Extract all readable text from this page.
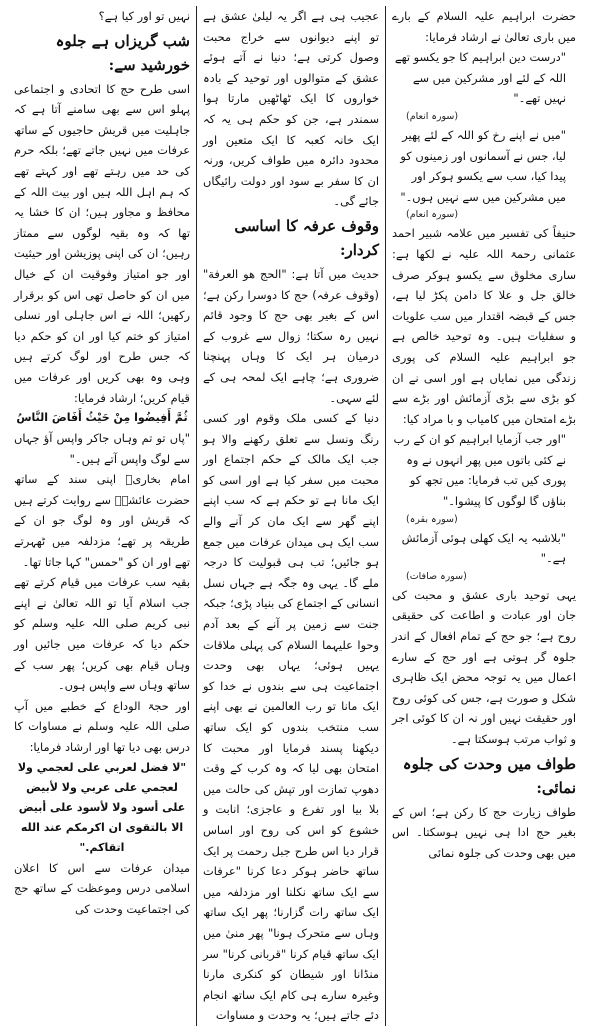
حضرت ابراہیم علیہ السلام کے بارے میں باری تعالیٰ نے ارشاد فرمایا:

"درست دین ابراہیم کا جو یکسو تھے اللہ کے لئے اور مشرکین میں سے نہیں تھے۔"

(سورہ انعام)

"میں نے اپنے رخ کو اللہ کے لئے پھیر لیا، جس نے آسمانوں اور زمینوں کو پیدا کیا، سب سے یکسو ہوکر اور میں مشرکین میں سے نہیں ہوں۔"

(سورہ انعام)

حنیفاً کی تفسیر میں علامہ شبیر احمد عثمانی رحمۃ اللہ علیہ نے لکھا ہے: ساری مخلوق سے یکسو ہوکر صرف خالق جل و علا کا دامن پکڑ لیا ہے، جس کے قبضہ اقتدار میں سب علویات و سفلیات ہیں۔ وہ توحید خالص ہے جو ابراہیم علیہ السلام کی پوری زندگی میں نمایاں ہے اور اسی نے ان کو بڑی سے بڑی آزمائش اور بڑے سے بڑے امتحان میں کامیاب و با مراد کیا:

"اور جب آزمایا ابراہیم کو ان کے رب نے کئی باتوں میں پھر انہوں نے وہ پوری کیں تب فرمایا: میں تجھ کو بناؤں گا لوگوں کا پیشوا۔"

(سورہ بقرہ)

"بلاشبہ یہ ایک کھلی ہوئی آزمائش ہے۔"

(سورہ صافات)

یہی توحید باری عشق و محبت کی جان اور عبادت و اطاعت کی حقیقی روح ہے؛ جو حج کے تمام افعال کے اندر جلوہ گر ہوتی ہے اور حج کے سارے اعمال میں یہ توجہ محض ایک ظاہری شکل و صورت ہے، جس کی کوئی روح اور حقیقت نہیں اور نہ ان کا کوئی اجر و ثواب مرتب ہوسکتا ہے۔

طواف میں وحدت کی جلوہ نمائی:

طواف زیارت حج کا رکن ہے؛ اس کے بغیر حج ادا ہی نہیں ہوسکتا۔ اس میں بھی وحدت کی جلوہ نمائی

عجیب ہی ہے اگر یہ لیلیٰ عشق ہے تو اپنے دیوانوں سے خراج محبت وصول کرتی ہے؛ دنیا نے آتے ہوئے عشق کے متوالوں اور توحید کے بادہ خواروں کا ایک ٹھاٹھیں مارتا ہوا سمندر ہے، جن کو حکم ہی یہ کہ ایک خانہ کعبہ کا ایک متعین اور محدود دائرہ میں طواف کریں، ورنہ ان کا سفر بے سود اور دولت رائیگاں جائے گی۔

وقوف عرفہ کا اساسی کردار:

حدیث میں آتا ہے: "الحج هو العرفة" (وقوف عرفہ) حج کا دوسرا رکن ہے؛ اس کے بغیر بھی حج کا وجود قائم نہیں رہ سکتا؛ زوال سے غروب کے درمیان ہر ایک کا وہاں پہنچنا ضروری ہے؛ چاہے ایک لمحہ ہی کے لئے سہی۔

دنیا کے کسی ملک وقوم اور کسی رنگ ونسل سے تعلق رکھنے والا ہو جب ایک مالک کے حکم اجتماع اور محبت میں سفر کیا ہے اور اسی کو ایک مانا ہے تو حکم ہے کہ سب اپنے اپنے گھر سے ایک مان کر آنے والے سب ایک ہی میدان عرفات میں جمع ہو جائیں؛ تب ہی قبولیت کا درجہ ملے گا۔ یہی وہ جگہ ہے جہاں نسل انسانی کے اجتماع کی بنیاد پڑی؛ جبکہ جنت سے زمین پر آنے کے بعد آدم وحوا علیہما السلام کی پہلی ملاقات یہیں ہوئی؛ یہاں بھی وحدت اجتماعیت ہی سے بندوں نے خدا کو ایک مانا تو رب العالمین نے بھی اپنے سب منتخب بندوں کو ایک ساتھ دیکھنا پسند فرمایا اور محبت کا امتحان بھی لیا کہ وہ کرب کے وقت دھوپ تمازت اور تپش کی حالت میں بلا بیا اور تفرع و عاجزی؛ انابت و خشوع کو اس کی روح اور اساس قرار دیا اس طرح جبل رحمت پر ایک ساتھ حاضر ہوکر دعا کرنا "عرفات سے ایک ساتھ نکلنا اور مزدلفہ میں ایک ساتھ رات گزارنا؛ پھر ایک ساتھ وہاں سے متحرک ہونا" پھر منیٰ میں ایک ساتھ قیام کرنا "قربانی کرنا" سر منڈانا اور شیطان کو کنکری مارنا وغیرہ سارے ہی کام ایک ساتھ انجام دئے جاتے ہیں؛ یہ وحدت و مساوات

نہیں تو اور کیا ہے؟

شب گریزاں ہے جلوہ خورشید سے:

اسی طرح حج کا اتحادی و اجتماعی پہلو اس سے بھی سامنے آتا ہے کہ جاہلیت میں قریش حاجیوں کے ساتھ عرفات میں نہیں جاتے تھے؛ بلکہ حرم کی حد میں رہتے تھے اور کہتے تھے کہ ہم اہل اللہ ہیں اور بیت اللہ کے محافظ و مجاور ہیں؛ ان کا خشا یہ تھا کہ وہ بقیہ لوگوں سے ممتاز رہیں؛ ان کی اپنی پوزیشن اور حیثیت اور جو امتیاز وفوقیت ان کے خیال میں ان کو حاصل تھی اس کو برقرار رکھیں؛ اللہ نے اس جاہلی اور نسلی امتیاز کو ختم کیا اور ان کو حکم دیا کہ جس طرح اور لوگ کرتے ہیں وہی وہ بھی کریں اور عرفات میں قیام کریں؛ ارشاد فرمایا:

ثُمَّ أَفِيضُوا مِنْ حَيْثُ أَفَاضَ النَّاسُ

"پاں تو تم وہاں جاکر واپس آؤ جہاں سے لوگ واپس آتے ہیں۔"

امام بخاریؒ اپنی سند کے ساتھ حضرت عائشہؓ سے روایت کرتے ہیں کہ قریش اور وہ لوگ جو ان کے طریقہ پر تھے؛ مزدلفہ میں ٹھہرتے تھے اور ان کو "حمس" کہا جاتا تھا۔

بقیہ سب عرفات میں قیام کرتے تھے جب اسلام آیا تو اللہ تعالیٰ نے اپنے نبی کریم صلی اللہ علیہ وسلم کو حکم دیا کہ عرفات میں جائیں اور وہاں قیام بھی کریں؛ پھر سب کے ساتھ وہاں سے واپس ہوں۔

اور حجۃ الوداع کے خطبے میں آپ صلی اللہ علیہ وسلم نے مساوات کا درس بھی دیا تھا اور ارشاد فرمایا:

"لا فضل لعربي على لعجمي ولا لعجمي على عربي ولا لأبيض على أسود ولا لأسود على أبيض الا بالتقوى ان اكرمكم عند الله اتقاكم."

میدان عرفات سے اس کا اعلان اسلامی درس وموعظت کے ساتھ حج کی اجتماعیت وحدت کی
